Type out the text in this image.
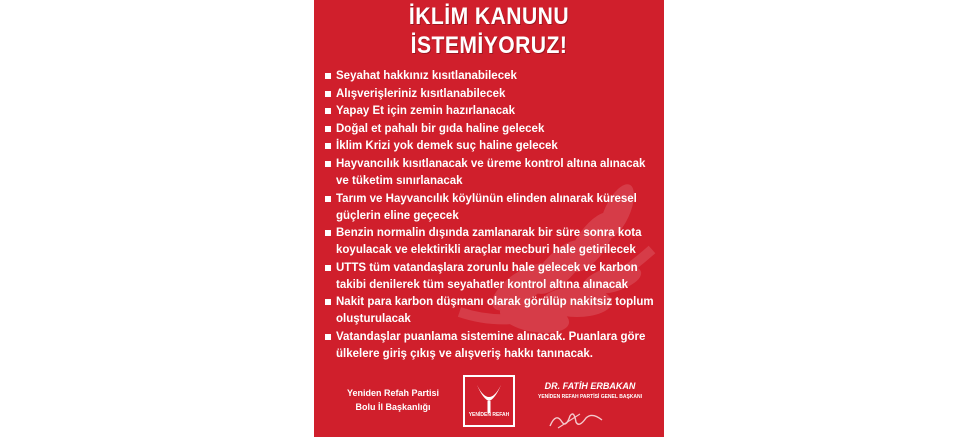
İKLİM KANUNU
İSTEMİYORUZ!
Seyahat hakkınız kısıtlanabilecek
Alışverişleriniz kısıtlanabilecek
Yapay Et için zemin hazırlanacak
Doğal et pahalı bir gıda haline gelecek
İklim Krizi yok demek suç haline gelecek
Hayvancılık kısıtlanacak ve üreme kontrol altına alınacak ve tüketim sınırlanacak
Tarım ve Hayvancılık köylünün elinden alınarak küresel güçlerin eline geçecek
Benzin normalin dışında zamlanarak bir süre sonra kota koyulacak ve elektirikli araçlar mecburi hale getirilecek
UTTS tüm vatandaşlara zorunlu hale gelecek ve karbon takibi denilerek tüm seyahatler kontrol altına alınacak
Nakit para karbon düşmanı olarak görülüp nakitsiz toplum oluşturulacak
Vatandaşlar puanlama sistemine alınacak. Puanlara göre ülkelere giriş çıkış ve alışveriş hakkı tanınacak.
Yeniden Refah Partisi
Bolu İl Başkanlığı
YENİDEN REFAH
DR. FATİH ERBAKAN
YENİDEN REFAH PARTİSİ GENEL BAŞKANI
